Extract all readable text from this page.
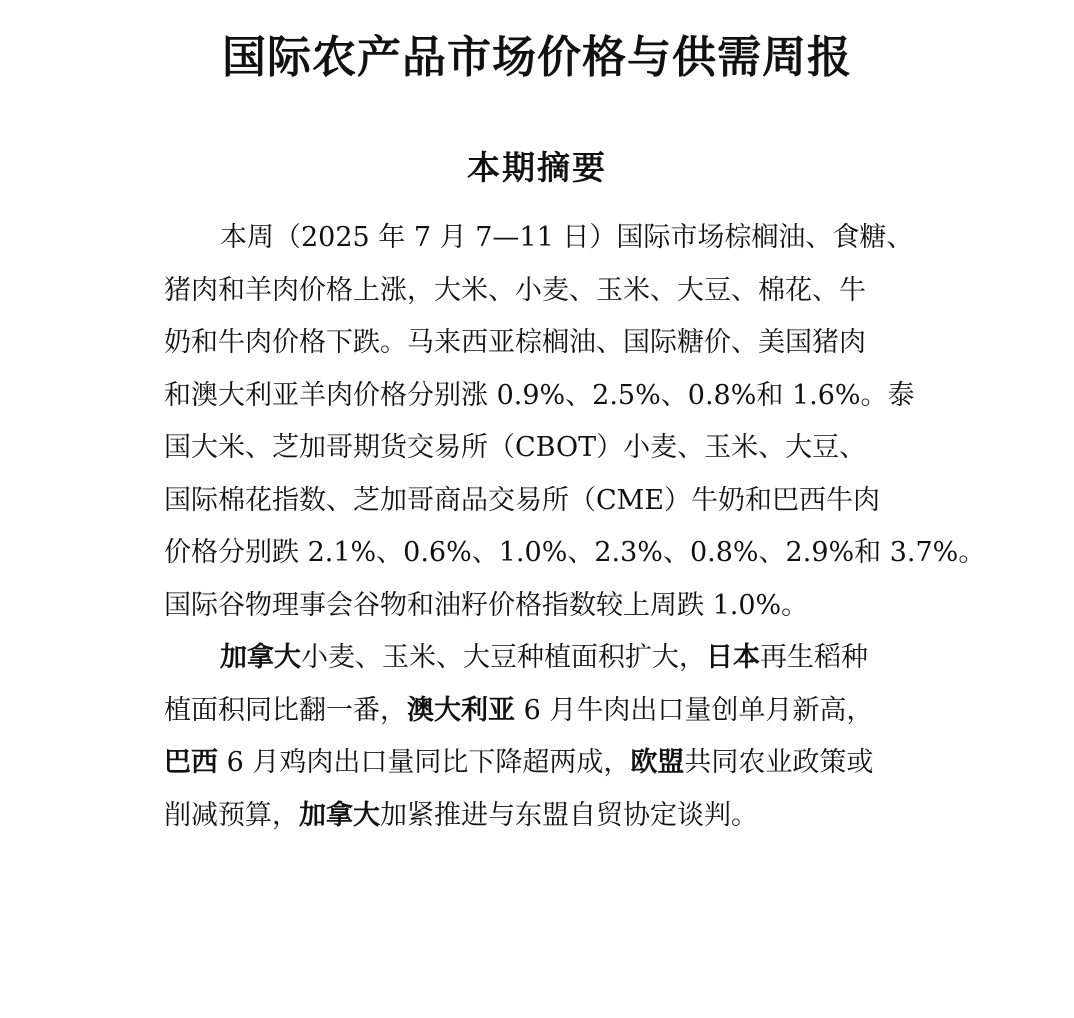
国际农产品市场价格与供需周报
本期摘要

本周（2025 年 7 月 7—11 日）国际市场棕榈油、食糖、
猪肉和羊肉价格上涨，大米、小麦、玉米、大豆、棉花、牛
奶和牛肉价格下跌。马来西亚棕榈油、国际糖价、美国猪肉
和澳大利亚羊肉价格分别涨 0.9%、2.5%、0.8%和 1.6%。泰
国大米、芝加哥期货交易所（CBOT）小麦、玉米、大豆、
国际棉花指数、芝加哥商品交易所（CME）牛奶和巴西牛肉
价格分别跌 2.1%、0.6%、1.0%、2.3%、0.8%、2.9%和 3.7%。
国际谷物理事会谷物和油籽价格指数较上周跌 1.0%。

加拿大小麦、玉米、大豆种植面积扩大，日本再生稻种
植面积同比翻一番，澳大利亚 6 月牛肉出口量创单月新高，
巴西 6 月鸡肉出口量同比下降超两成，欧盟共同农业政策或
削减预算，加拿大加紧推进与东盟自贸协定谈判。
